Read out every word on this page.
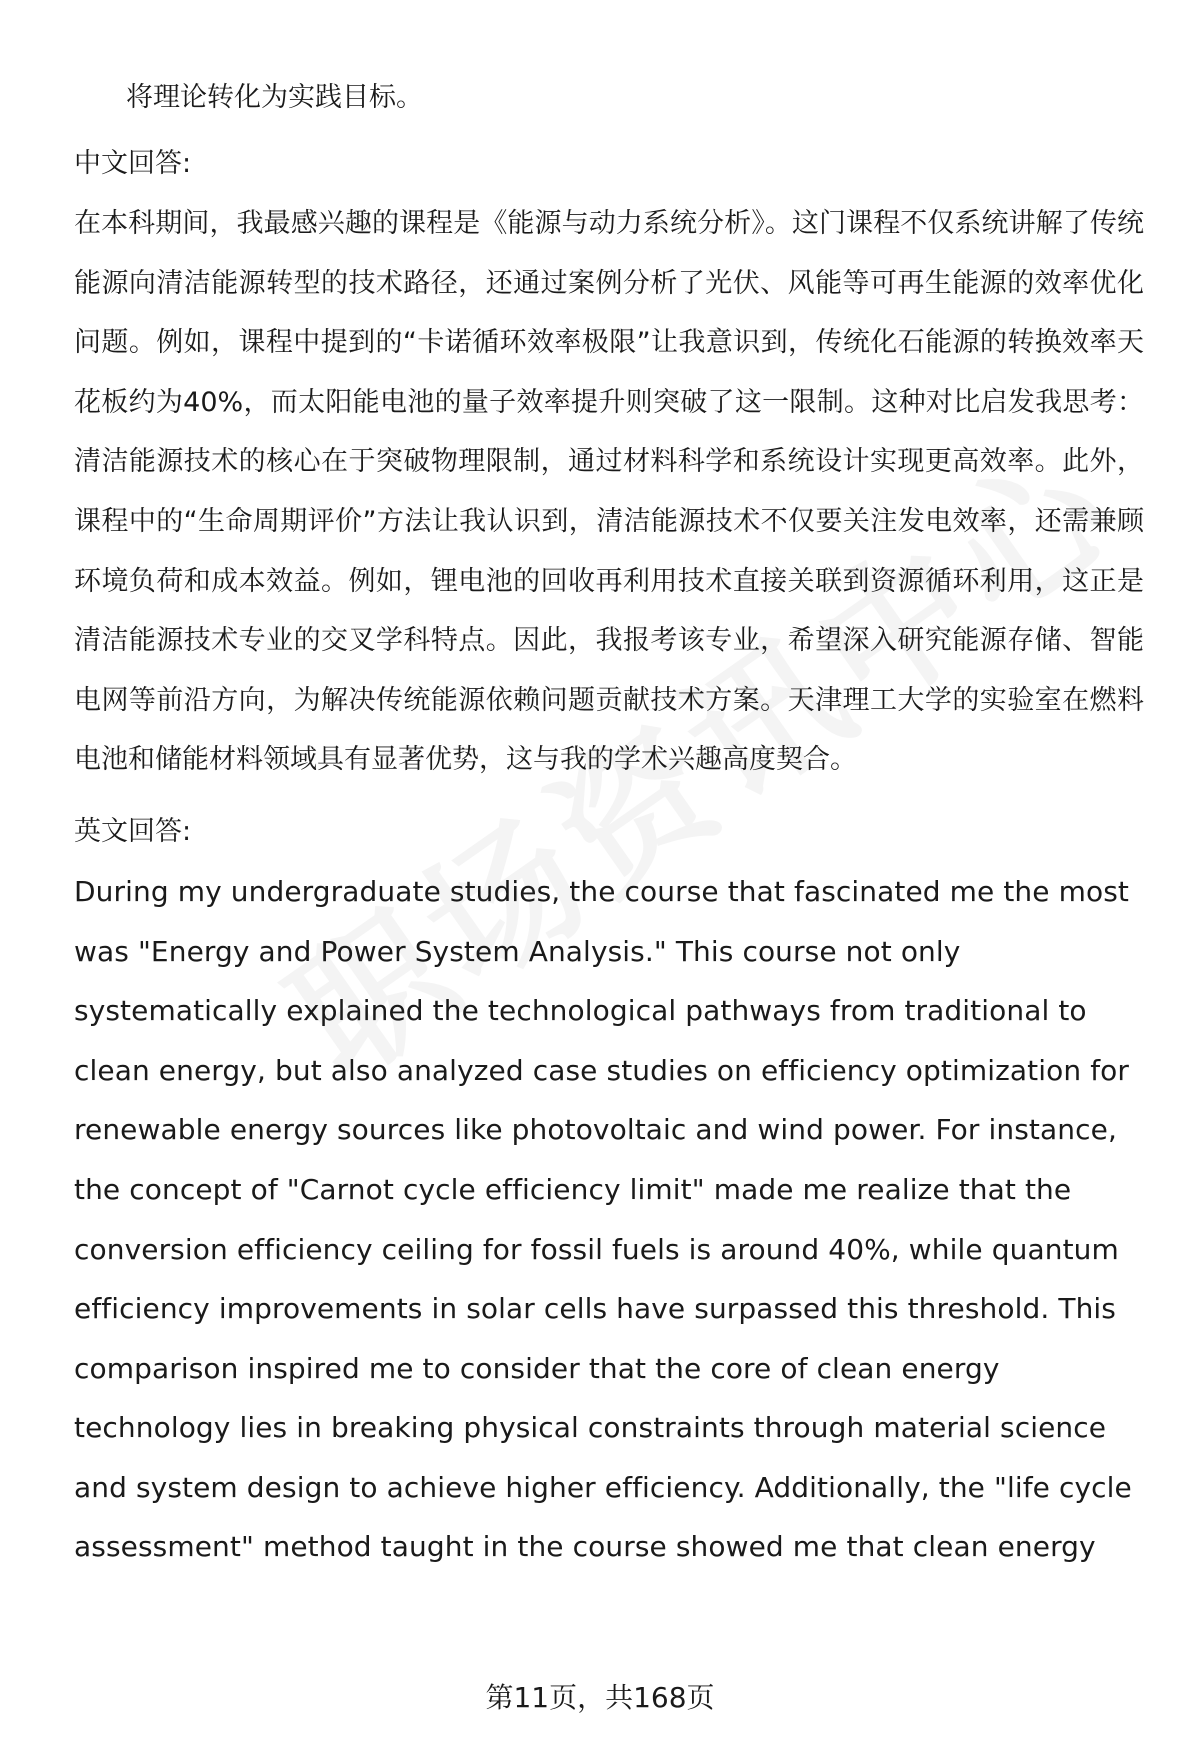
将理论转化为实践目标。

中文回答:

在本科期间，我最感兴趣的课程是《能源与动力系统分析》。这门课程不仅系统讲解了传统能源向清洁能源转型的技术路径，还通过案例分析了光伏、风能等可再生能源的效率优化问题。例如，课程中提到的“卡诺循环效率极限”让我意识到，传统化石能源的转换效率天花板约为40%，而太阳能电池的量子效率提升则突破了这一限制。这种对比启发我思考：清洁能源技术的核心在于突破物理限制，通过材料科学和系统设计实现更高效率。此外，课程中的“生命周期评价”方法让我认识到，清洁能源技术不仅要关注发电效率，还需兼顾环境负荷和成本效益。例如，锂电池的回收再利用技术直接关联到资源循环利用，这正是清洁能源技术专业的交叉学科特点。因此，我报考该专业，希望深入研究能源存储、智能电网等前沿方向，为解决传统能源依赖问题贡献技术方案。天津理工大学的实验室在燃料电池和储能材料领域具有显著优势，这与我的学术兴趣高度契合。

英文回答:

During my undergraduate studies, the course that fascinated me the most
was "Energy and Power System Analysis." This course not only
systematically explained the technological pathways from traditional to
clean energy, but also analyzed case studies on efficiency optimization for
renewable energy sources like photovoltaic and wind power. For instance,
the concept of "Carnot cycle efficiency limit" made me realize that the
conversion efficiency ceiling for fossil fuels is around 40%, while quantum
efficiency improvements in solar cells have surpassed this threshold. This
comparison inspired me to consider that the core of clean energy
technology lies in breaking physical constraints through material science
and system design to achieve higher efficiency. Additionally, the "life cycle
assessment" method taught in the course showed me that clean energy
第11页，共168页
